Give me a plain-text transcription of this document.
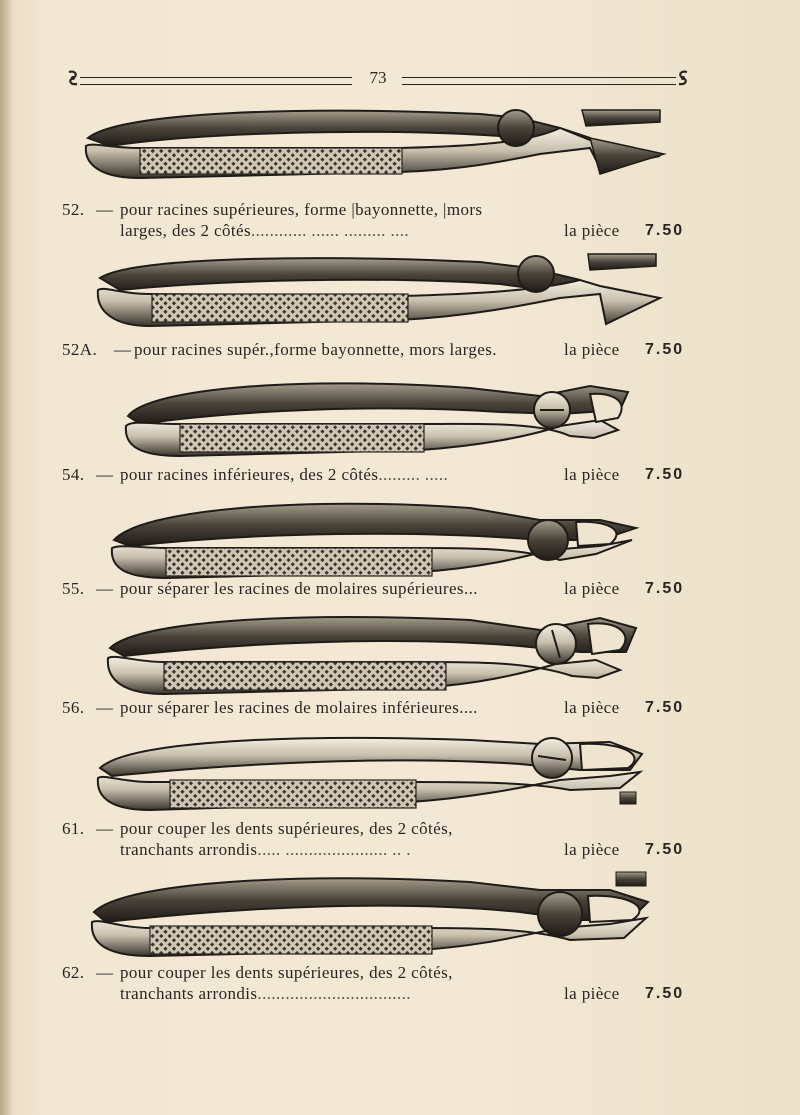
73
52. — pour racines supérieures, forme |bayonnette, |mors
larges, des 2 côtés............ ...... ......... ....	la pièce 7.50
52A. — pour racines supér.,forme bayonnette, mors larges.	la pièce 7.50
54. — pour racines inférieures, des 2 côtés......... .....	la pièce 7.50
55. — pour séparer les racines de molaires supérieures...	la pièce 7.50
56. — pour séparer les racines de molaires inférieures....	la pièce 7.50
61. — pour couper les dents supérieures, des 2 côtés,
tranchants arrondis..... ...................... .. .	la pièce 7.50
62. — pour couper les dents supérieures, des 2 côtés,
tranchants arrondis.................................	la pièce 7.50
